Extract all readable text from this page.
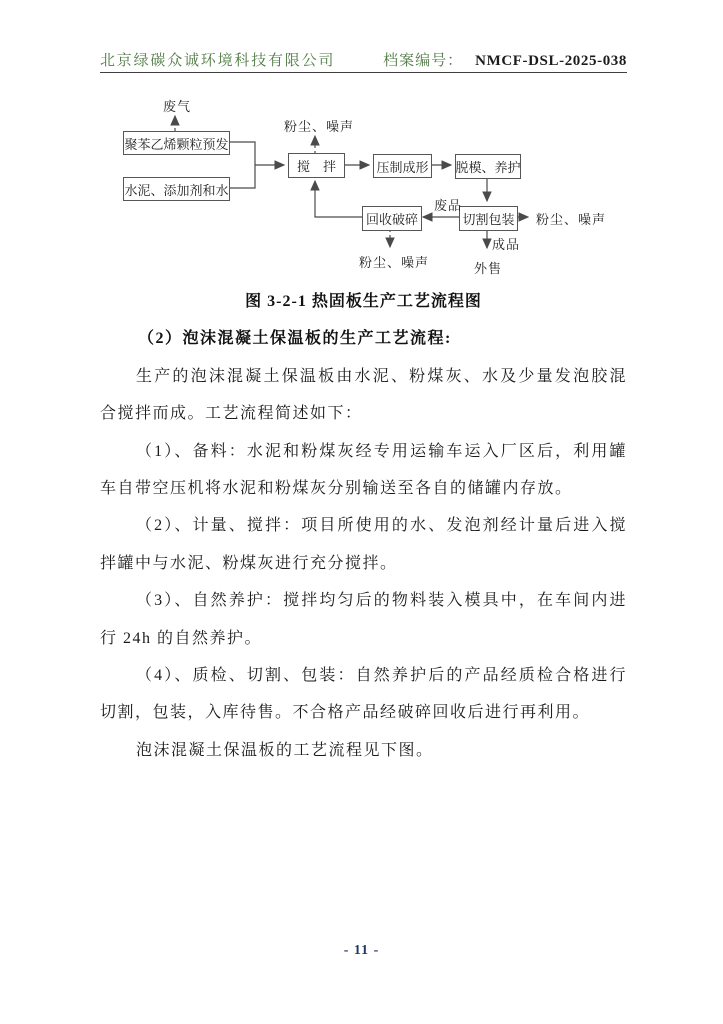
北京绿碳众诚环境科技有限公司	档案编号： NMCF-DSL-2025-038
聚苯乙烯颗粒预发
水泥、添加剂和水
搅　拌	压制成形 脱模、养护
回收破碎	切割包装
废气
粉尘、噪声
废品
粉尘、噪声
成品
外售
粉尘、噪声
图 3-2-1 热固板生产工艺流程图
（2）泡沫混凝土保温板的生产工艺流程:
生产的泡沫混凝土保温板由水泥、粉煤灰、水及少量发泡胶混
合搅拌而成。工艺流程简述如下：
（1）、备料：水泥和粉煤灰经专用运输车运入厂区后，利用罐
车自带空压机将水泥和粉煤灰分别输送至各自的储罐内存放。
（2）、计量、搅拌：项目所使用的水、发泡剂经计量后进入搅
拌罐中与水泥、粉煤灰进行充分搅拌。
（3）、自然养护：搅拌均匀后的物料装入模具中，在车间内进
行 24h 的自然养护。
（4）、质检、切割、包装：自然养护后的产品经质检合格进行
切割，包装，入库待售。不合格产品经破碎回收后进行再利用。
泡沫混凝土保温板的工艺流程见下图。
- 11 -
